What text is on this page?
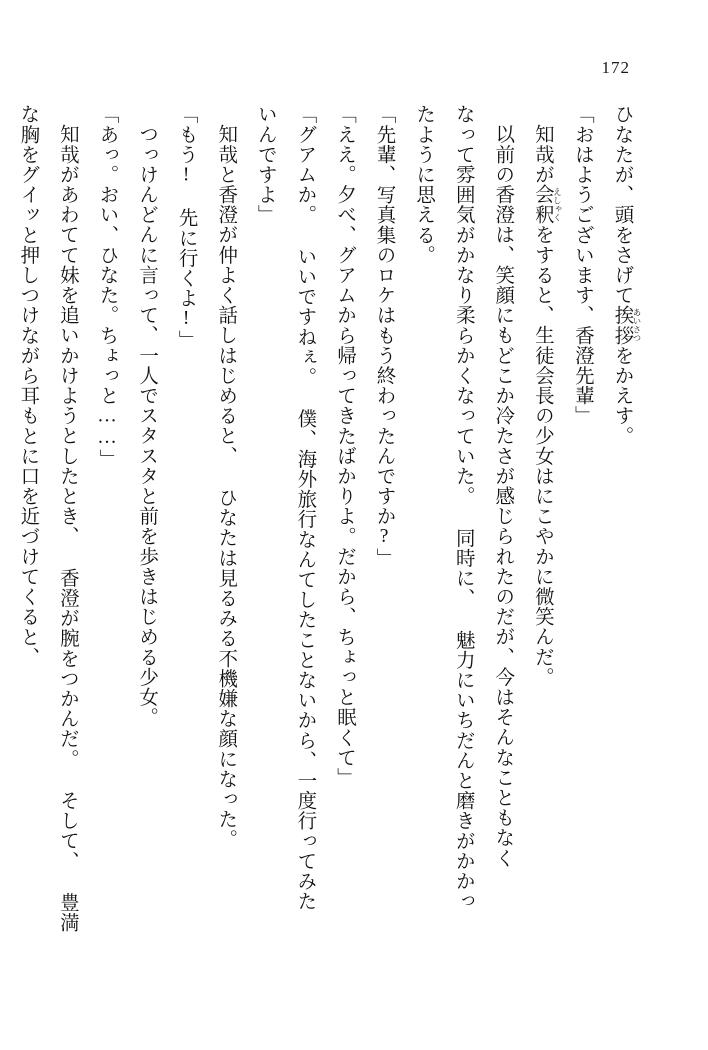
172
ひなたが、頭をさげて挨拶 あいさつをかえす。
「おはようございます、香澄先輩」
知哉が会釈 えしゃくをすると、生徒会長の少女はにこやかに微笑んだ。
以前の香澄は、笑顔にもどこか冷たさが感じられたのだが、今はそんなこともなく
なって雰囲気がかなり柔らかくなっていた。 同時に、 魅力にいちだんと磨きがかかっ
たように思える。
「先輩、写真集のロケはもう終わったんですか?」
「ええ。夕べ、グアムから帰ってきたばかりよ。だから、ちょっと眠くて」
「グアムか。 いいですねぇ。 僕、海外旅行なんてしたことないから、一度行ってみた
いんですよ」
知哉と香澄が仲よく話しはじめると、 ひなたは見るみる不機嫌な顔になった。
「もう! 先に行くよ!」
つっけんどんに言って、一人でスタスタと前を歩きはじめる少女。
「あっ。おい、ひなた。ちょっと……」
知哉があわてて妹を追いかけようとしたとき、 香澄が腕をつかんだ。 そして、 豊満
な胸をグイッと押しつけながら耳もとに口を近づけてくると、
